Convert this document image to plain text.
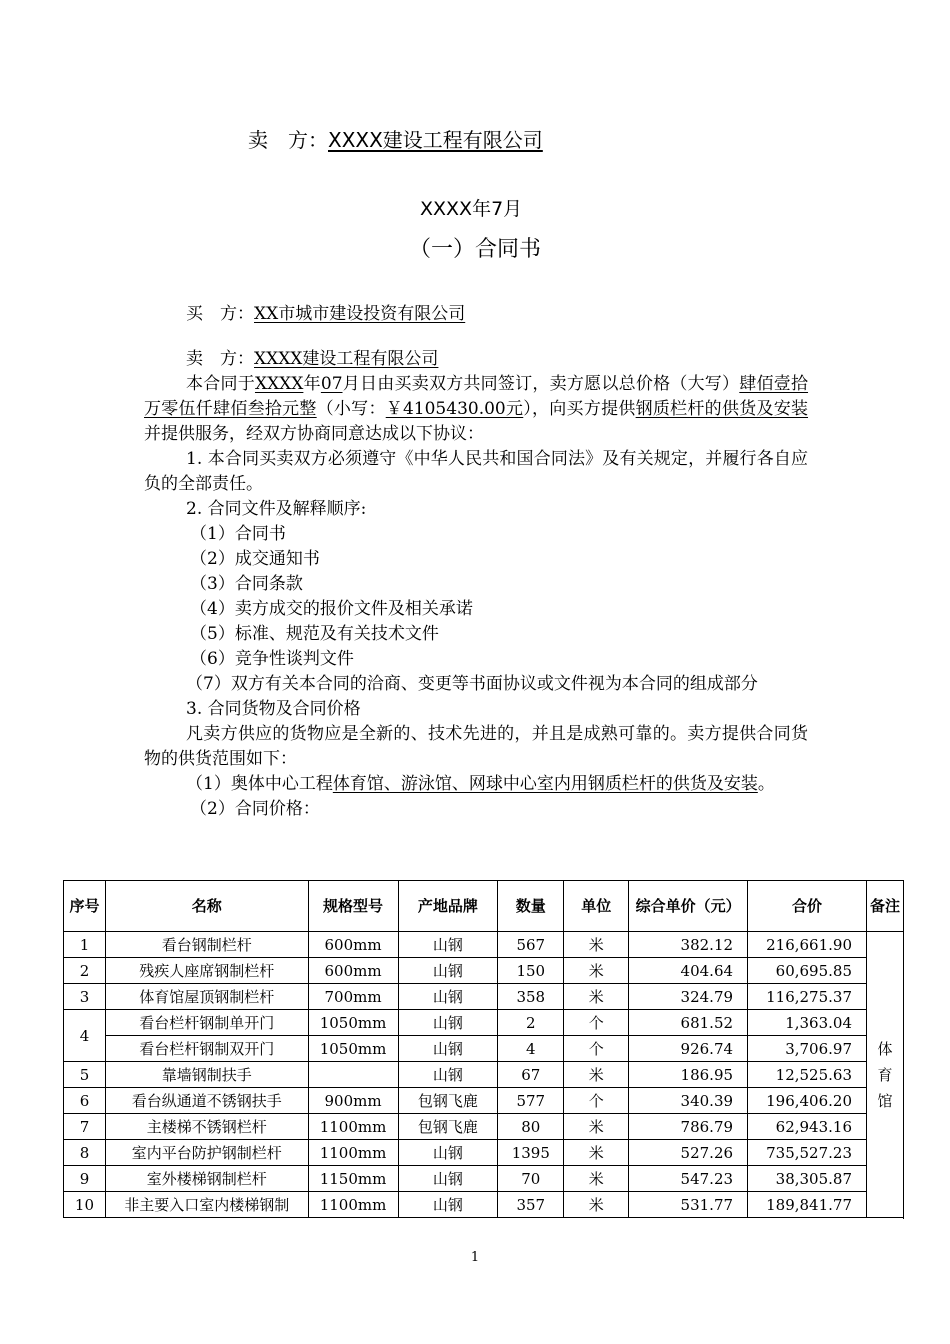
卖　方：XXXX建设工程有限公司
XXXX年7月
（一）合同书
买　方：XX市城市建设投资有限公司
卖　方：XXXX建设工程有限公司
本合同于XXXX年07月日由买卖双方共同签订，卖方愿以总价格（大写）肆佰壹拾万零伍仟肆佰叁拾元整（小写：￥4105430.00元），向买方提供钢质栏杆的供货及安装并提供服务，经双方协商同意达成以下协议：
1. 本合同买卖双方必须遵守《中华人民共和国合同法》及有关规定，并履行各自应负的全部责任。
2. 合同文件及解释顺序:
（1）合同书
（2）成交通知书
（3）合同条款
（4）卖方成交的报价文件及相关承诺
（5）标准、规范及有关技术文件
（6）竞争性谈判文件
（7）双方有关本合同的洽商、变更等书面协议或文件视为本合同的组成部分
3. 合同货物及合同价格
凡卖方供应的货物应是全新的、技术先进的，并且是成熟可靠的。卖方提供合同货物的供货范围如下：
（1）奥体中心工程体育馆、游泳馆、网球中心室内用钢质栏杆的供货及安装。
（2）合同价格：
序号	名称	规格型号	产地品牌	数量	单位	综合单价（元）	合价	备注
1	看台钢制栏杆	600mm	山钢	567	米	382.12	216,661.90	体育馆
2	残疾人座席钢制栏杆	600mm	山钢	150	米	404.64	60,695.85	
3	体育馆屋顶钢制栏杆	700mm	山钢	358	米	324.79	116,275.37	
4	看台栏杆钢制单开门	1050mm	山钢	2	个	681.52	1,363.04	
	看台栏杆钢制双开门	1050mm	山钢	4	个	926.74	3,706.97	
5	靠墙钢制扶手		山钢	67	米	186.95	12,525.63	
6	看台纵通道不锈钢扶手	900mm	包钢飞鹿	577	个	340.39	196,406.20	
7	主楼梯不锈钢栏杆	1100mm	包钢飞鹿	80	米	786.79	62,943.16	
8	室内平台防护钢制栏杆	1100mm	山钢	1395	米	527.26	735,527.23	
9	室外楼梯钢制栏杆	1150mm	山钢	70	米	547.23	38,305.87	
10	非主要入口室内楼梯钢制	1100mm	山钢	357	米	531.77	189,841.77	

1
